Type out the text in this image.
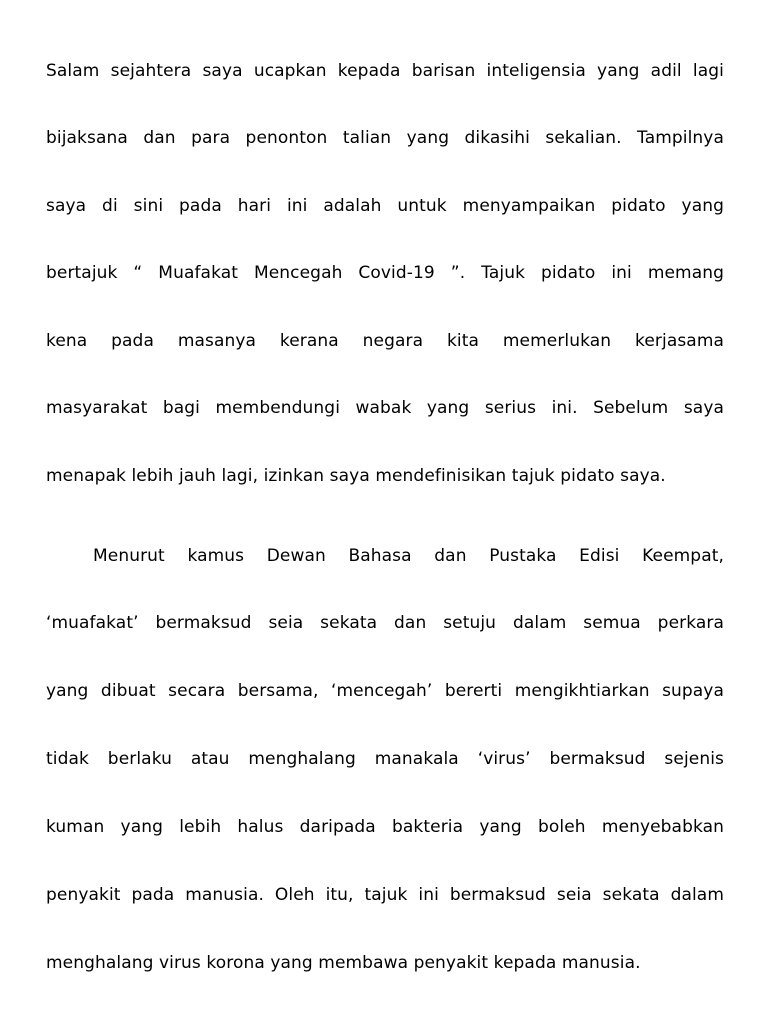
Salam sejahtera saya ucapkan kepada barisan inteligensia yang adil lagi
bijaksana dan para penonton talian yang dikasihi sekalian. Tampilnya
saya di sini pada hari ini adalah untuk menyampaikan pidato yang
bertajuk “ Muafakat Mencegah Covid-19 ”. Tajuk pidato ini memang
kena pada masanya kerana negara kita memerlukan kerjasama
masyarakat bagi membendungi wabak yang serius ini. Sebelum saya
menapak lebih jauh lagi, izinkan saya mendefinisikan tajuk pidato saya.
Menurut kamus Dewan Bahasa dan Pustaka Edisi Keempat,
‘muafakat’ bermaksud seia sekata dan setuju dalam semua perkara
yang dibuat secara bersama, ‘mencegah’ bererti mengikhtiarkan supaya
tidak berlaku atau menghalang manakala ‘virus’ bermaksud sejenis
kuman yang lebih halus daripada bakteria yang boleh menyebabkan
penyakit pada manusia. Oleh itu, tajuk ini bermaksud seia sekata dalam
menghalang virus korona yang membawa penyakit kepada manusia.
